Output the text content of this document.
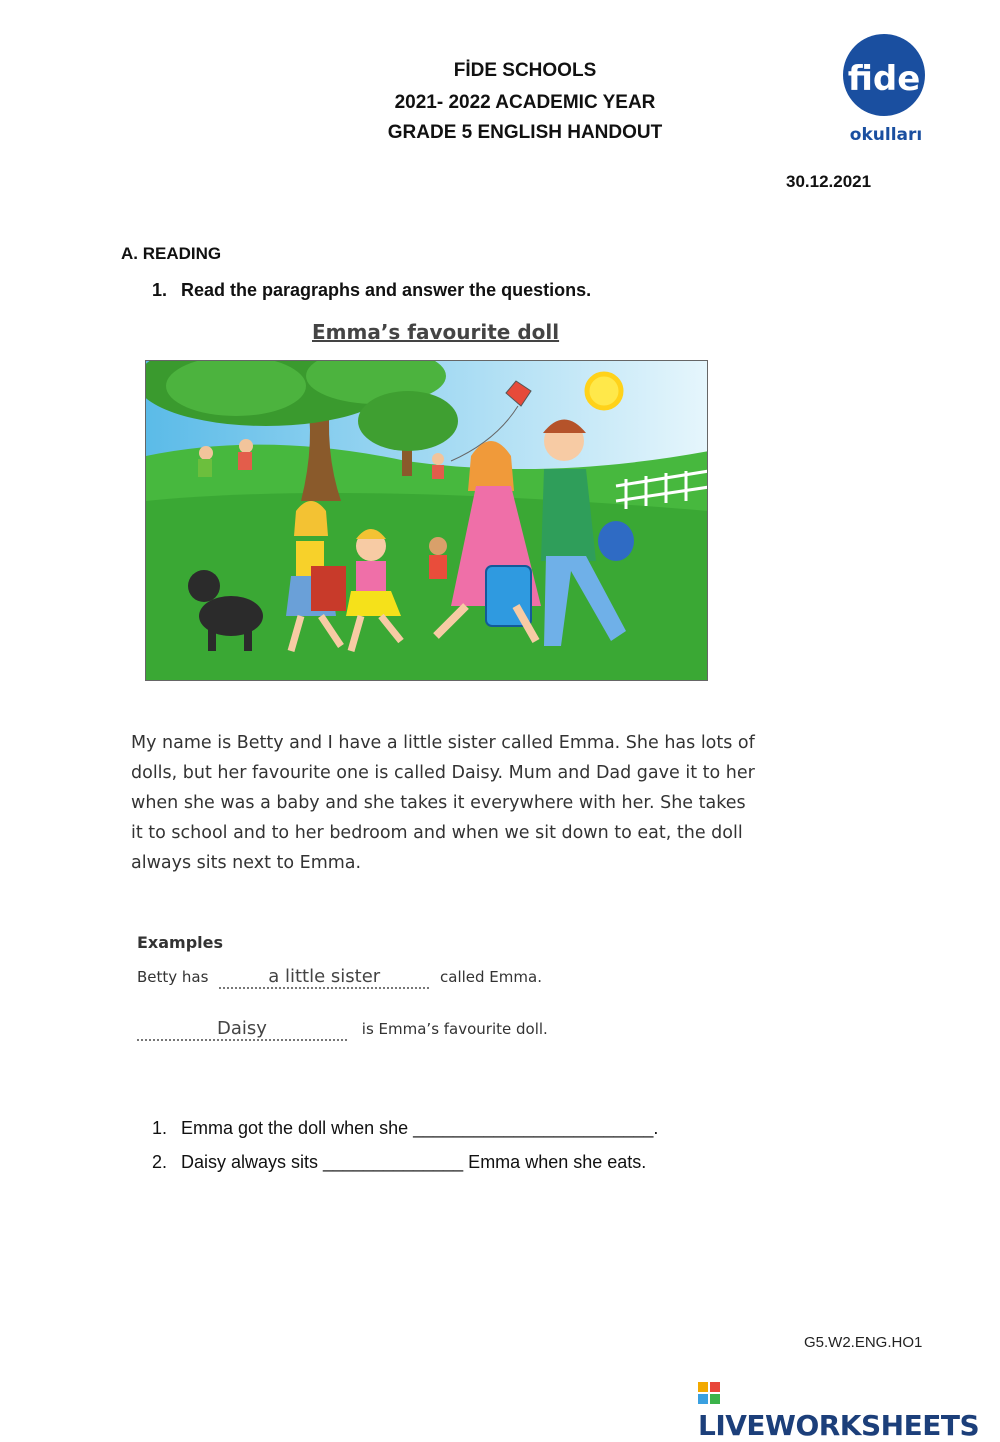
FİDE SCHOOLS
2021- 2022 ACADEMIC YEAR
GRADE 5 ENGLISH HANDOUT
fide
okulları
30.12.2021
A. READING
1. Read the paragraphs and answer the questions.
Emma’s favourite doll
My name is Betty and I have a little sister called Emma. She has lots of
dolls, but her favourite one is called Daisy. Mum and Dad gave it to her
when she was a baby and she takes it everywhere with her. She takes
it to school and to her bedroom and when we sit down to eat, the doll
always sits next to Emma.
Examples
Betty has	a little sister	called Emma.
Daisy	is Emma’s favourite doll.
1. Emma got the doll when she ________________________.
2. Daisy always sits ______________ Emma when she eats.
G5.W2.ENG.HO1
LIVEWORKSHEETS
